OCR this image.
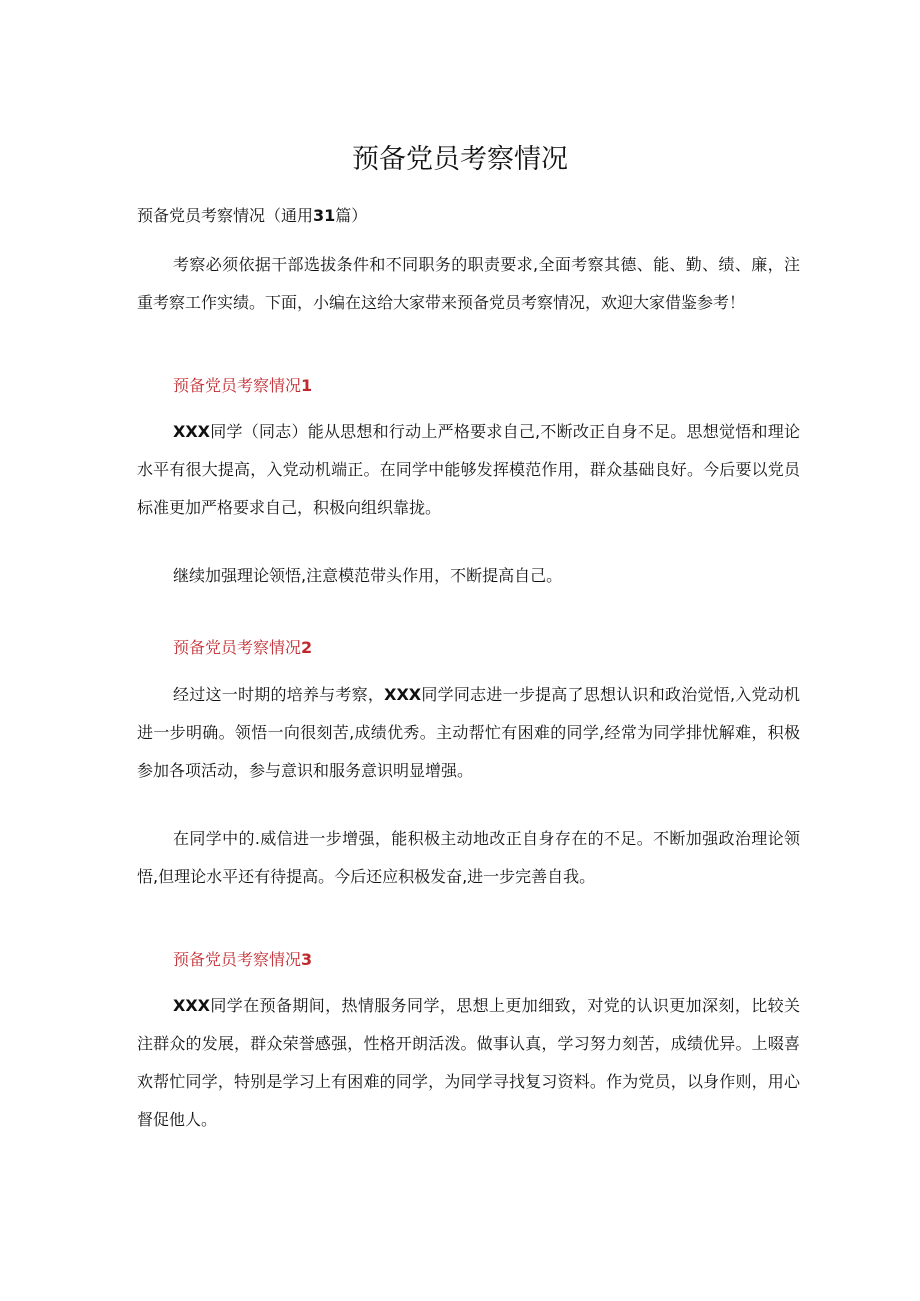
预备党员考察情况

预备党员考察情况（通用31篇）

考察必须依据干部选拔条件和不同职务的职责要求,全面考察其德、能、勤、绩、廉，注重考察工作实绩。下面，小编在这给大家带来预备党员考察情况，欢迎大家借鉴参考！

预备党员考察情况1

XXX同学（同志）能从思想和行动上严格要求自己,不断改正自身不足。思想觉悟和理论水平有很大提高，入党动机端正。在同学中能够发挥模范作用，群众基础良好。今后要以党员标准更加严格要求自己，积极向组织靠拢。

继续加强理论领悟,注意模范带头作用，不断提高自己。

预备党员考察情况2

经过这一时期的培养与考察，XXX同学同志进一步提高了思想认识和政治觉悟,入党动机进一步明确。领悟一向很刻苦,成绩优秀。主动帮忙有困难的同学,经常为同学排忧解难，积极参加各项活动，参与意识和服务意识明显增强。

在同学中的.威信进一步增强，能积极主动地改正自身存在的不足。不断加强政治理论领悟,但理论水平还有待提高。今后还应积极发奋,进一步完善自我。

预备党员考察情况3

XXX同学在预备期间，热情服务同学，思想上更加细致，对党的认识更加深刻，比较关注群众的发展，群众荣誉感强，性格开朗活泼。做事认真，学习努力刻苦，成绩优异。上啜喜欢帮忙同学，特别是学习上有困难的同学，为同学寻找复习资料。作为党员，以身作则，用心督促他人。
